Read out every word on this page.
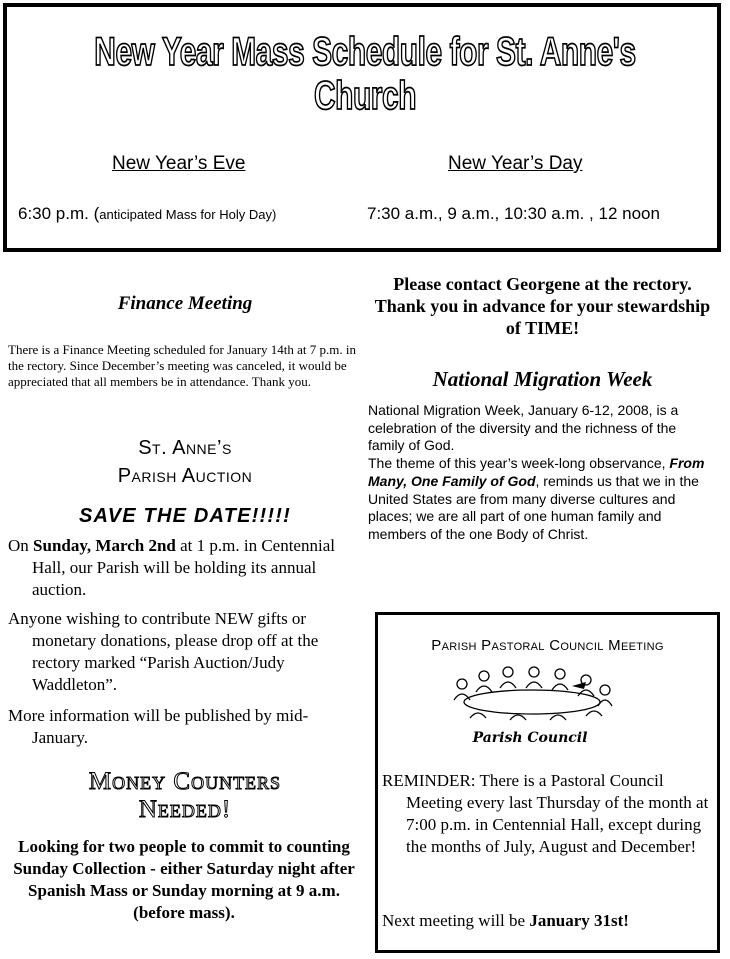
New Year Mass Schedule for St. Anne's Church
New Year’s Eve	New Year’s Day
6:30 p.m. (anticipated Mass for Holy Day)	7:30 a.m., 9 a.m., 10:30 a.m. , 12 noon
Finance Meeting
There is a Finance Meeting scheduled for January 14th at 7 p.m. in the rectory. Since December’s meeting was canceled, it would be appreciated that all members be in attendance. Thank you.
St. Anne’s
Parish Auction
SAVE THE DATE!!!!!
On Sunday, March 2nd at 1 p.m. in Centennial Hall, our Parish will be holding its annual auction.
Anyone wishing to contribute NEW gifts or monetary donations, please drop off at the rectory marked “Parish Auction/Judy Waddleton”.
More information will be published by mid-January.
Money Counters
Needed!
Looking for two people to commit to counting Sunday Collection - either Saturday night after Spanish Mass or Sunday morning at 9 a.m. (before mass).
Please contact Georgene at the rectory. Thank you in advance for your stewardship of TIME!
National Migration Week
National Migration Week, January 6-12, 2008, is a celebration of the diversity and the richness of the family of God.
The theme of this year’s week-long observance, From Many, One Family of God, reminds us that we in the United States are from many diverse cultures and places; we are all part of one human family and members of the one Body of Christ.
Parish Pastoral Council Meeting
Parish Council
REMINDER: There is a Pastoral Council Meeting every last Thursday of the month at 7:00 p.m. in Centennial Hall, except during the months of July, August and December!
Next meeting will be January 31st!
